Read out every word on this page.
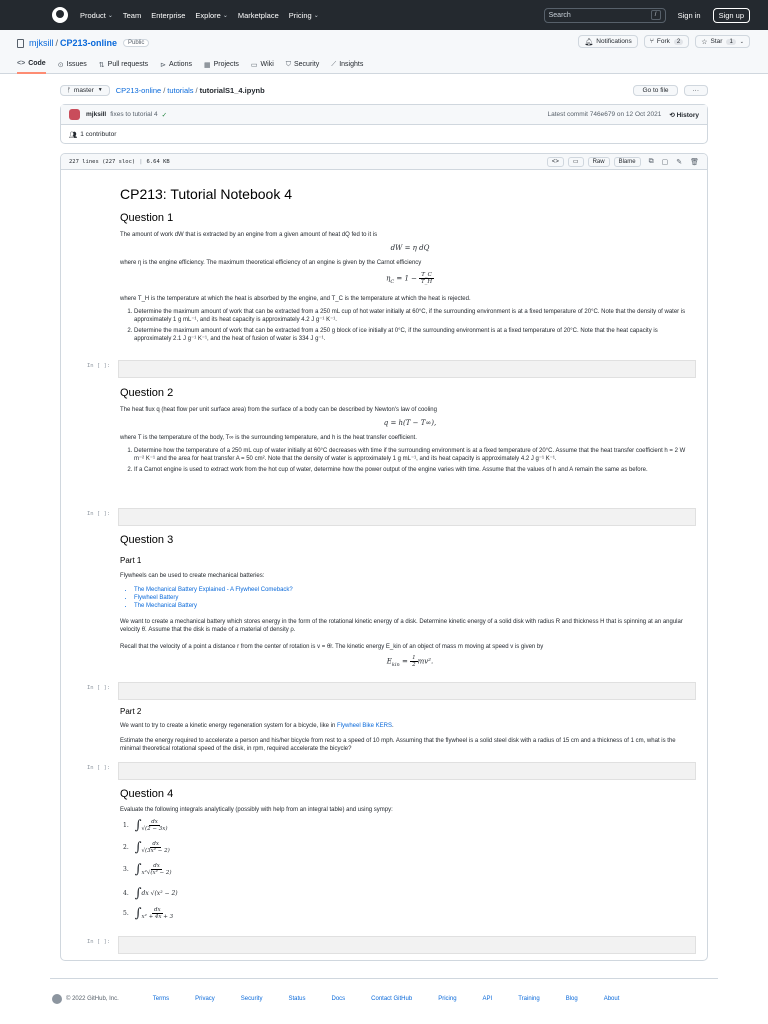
Product ⌄ Team Enterprise Explore ⌄ Marketplace Pricing ⌄	Search	/	Sign in	Sign up
mjksill / CP213-online	Public	🔔︎ Notifications	⑂ Fork	2	☆ Star	1	⌄
<> Code ⊙ Issues ⇅ Pull requests ⊳ Actions ▦ Projects ▭ Wiki ⛉ Security ⟋ Insights
ᚠ master ▼ CP213-online / tutorials / tutorialS1_4.ipynb	Go to file	···
mjksill fixes to tutorial 4 ✓	Latest commit 746e679 on 12 Oct 2021 ⟲ History
👥︎ 1 contributor
227 lines (227 sloc) | 6.64 KB	<>	▭	Raw	Blame	⧉ ▢ ✎ 🗑︎
CP213: Tutorial Notebook 4
Question 1
The amount of work dW that is extracted by an engine from a given amount of heat dQ fed to it is
dW = η dQ
where η is the engine efficiency. The maximum theoretical efficiency of an engine is given by the Carnot efficiency
$\eta_C = 1 - \frac{T\_C}{T\_H}$
where T_H is the temperature at which the heat is absorbed by the engine, and T_C is the temperature at which the heat is rejected.
1. Determine the maximum amount of work that can be extracted from a 250 mL cup of hot water initially at 60°C, if the surrounding environment is at a fixed temperature of 20°C. Note that the density of water is approximately 1 g mL⁻¹, and its heat capacity is approximately 4.2 J g⁻¹ K⁻¹.
2. Determine the maximum amount of work that can be extracted from a 250 g block of ice initially at 0°C, if the surrounding environment is at a fixed temperature of 20°C. Note that the heat capacity is approximately 2.1 J g⁻¹ K⁻¹, and the heat of fusion of water is 334 J g⁻¹.
In [ ]:
Question 2
The heat flux q (heat flow per unit surface area) from the surface of a body can be described by Newton's law of cooling
q = h(T − T∞),
where T is the temperature of the body, T∞ is the surrounding temperature, and h is the heat transfer coefficient.
1. Determine how the temperature of a 250 mL cup of water initially at 60°C decreases with time if the surrounding environment is at a fixed temperature of 20°C. Assume that the heat transfer coefficient h = 2 W m⁻² K⁻¹ and the area for heat transfer A = 50 cm². Note that the density of water is approximately 1 g mL⁻¹, and its heat capacity is approximately 4.2 J g⁻¹ K⁻¹.
2. If a Carnot engine is used to extract work from the hot cup of water, determine how the power output of the engine varies with time. Assume that the values of h and A remain the same as before.
In [ ]:
Question 3
Part 1
Flywheels can be used to create mechanical batteries:
• The Mechanical Battery Explained - A Flywheel Comeback?
• Flywheel Battery
• The Mechanical Battery
We want to create a mechanical battery which stores energy in the form of the rotational kinetic energy of a disk. Determine kinetic energy of a solid disk with radius R and thickness H that is spinning at an angular velocity θ̇. Assume that the disk is made of a material of density ρ.
Recall that the velocity of a point a distance r from the center of rotation is v = θ̇r. The kinetic energy E_kin of an object of mass m moving at speed v is given by
$E_{kin} = \frac{1}{2} mv^2$.
In [ ]:
Part 2
We want to try to create a kinetic energy regeneration system for a bicycle, like in Flywheel Bike KERS.
Estimate the energy required to accelerate a person and his/her bicycle from rest to a speed of 10 mph. Assuming that the flywheel is a solid steel disk with a radius of 15 cm and a thickness of 1 cm, what is the minimal theoretical rotational speed of the disk, in rpm, required accelerate the bicycle?
In [ ]:
Question 4
Evaluate the following integrals analytically (possibly with help from an integral table) and using sympy:
1. ∫ $\frac{dx}{√(2 - 3x)}$
2. ∫ $\frac{dx}{\text{√(3x² − 2)}}$
3. ∫ $\frac{dx}{\text{x²√(x² − 2)}}$
4. ∫ dx √(x² − 2)
5. ∫ $\frac{dx}{\text{x² + 4x + 3}}$
In [ ]:
© 2022 GitHub, Inc.	Terms	Privacy	Security	Status	Docs	Contact GitHub	Pricing	API	Training	Blog	About
